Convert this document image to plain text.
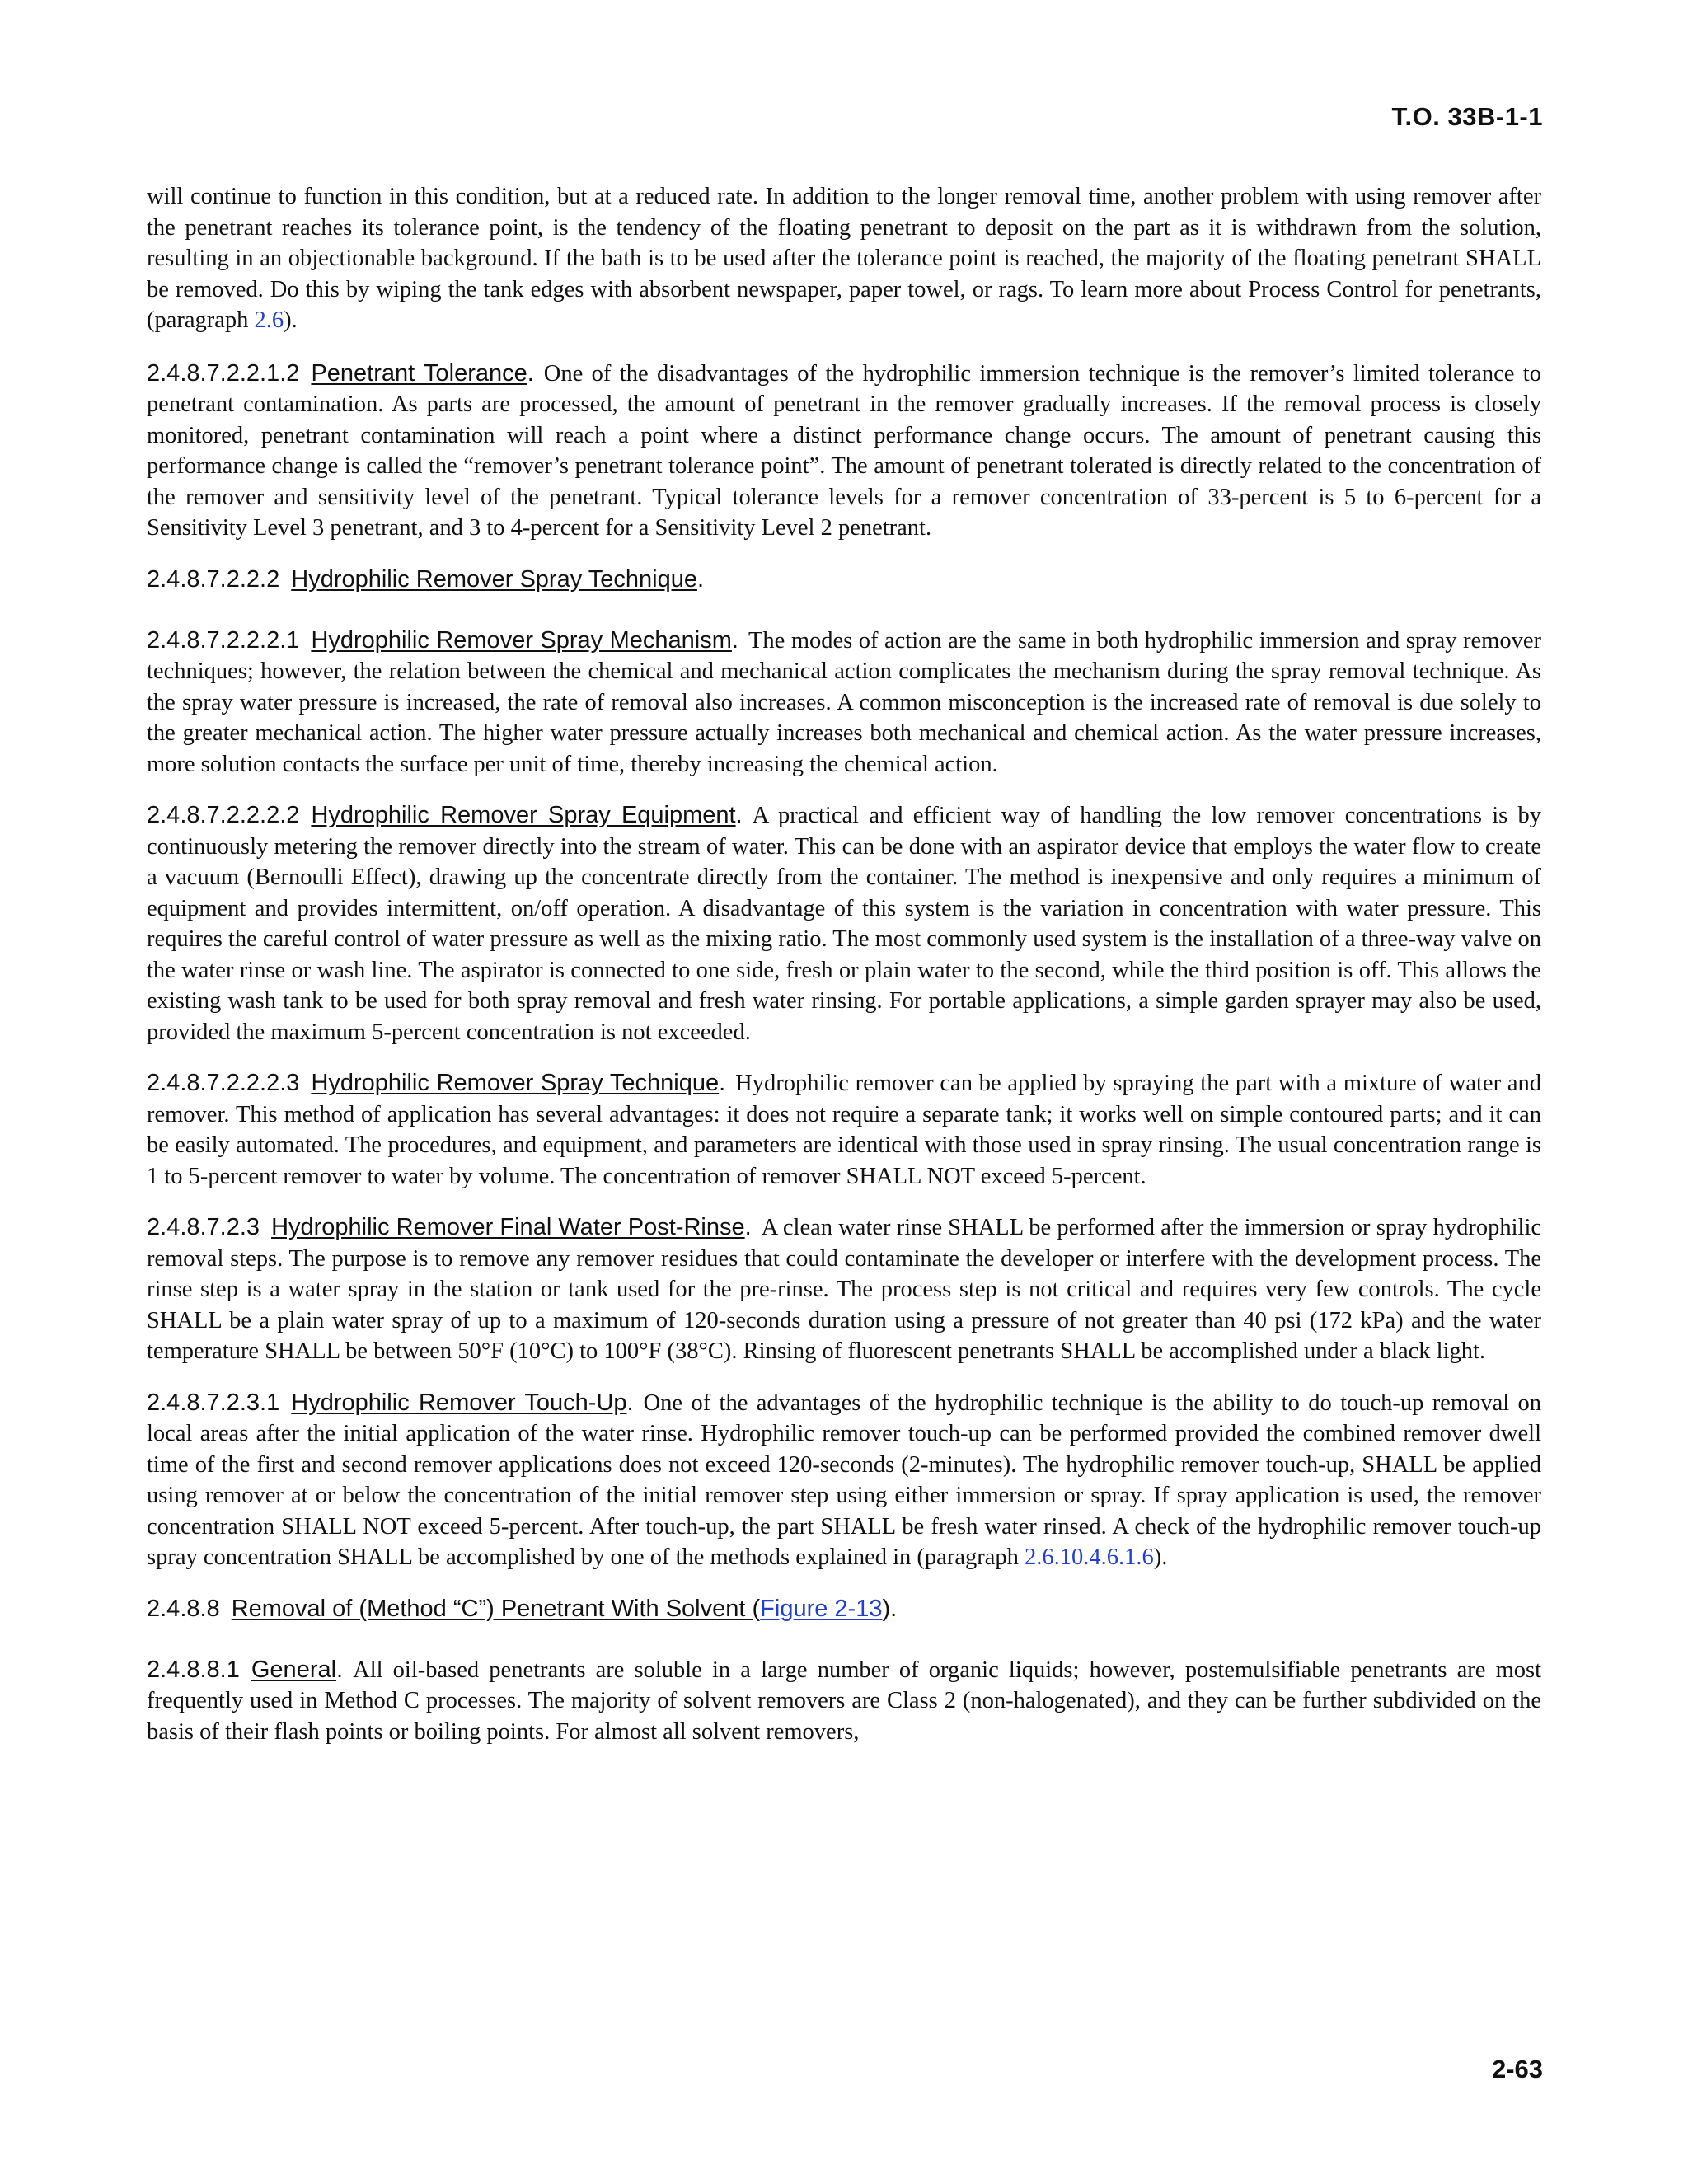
T.O. 33B-1-1

will continue to function in this condition, but at a reduced rate. In addition to the longer removal time, another problem with using remover after the penetrant reaches its tolerance point, is the tendency of the floating penetrant to deposit on the part as it is withdrawn from the solution, resulting in an objectionable background. If the bath is to be used after the tolerance point is reached, the majority of the floating penetrant SHALL be removed. Do this by wiping the tank edges with absorbent newspaper, paper towel, or rags. To learn more about Process Control for penetrants, (paragraph 2.6).

2.4.8.7.2.2.1.2 Penetrant Tolerance. One of the disadvantages of the hydrophilic immersion technique is the remover’s limited tolerance to penetrant contamination. As parts are processed, the amount of penetrant in the remover gradually increases. If the removal process is closely monitored, penetrant contamination will reach a point where a distinct performance change occurs. The amount of penetrant causing this performance change is called the “remover’s penetrant tolerance point”. The amount of penetrant tolerated is directly related to the concentration of the remover and sensitivity level of the penetrant. Typical tolerance levels for a remover concentration of 33-percent is 5 to 6-percent for a Sensitivity Level 3 penetrant, and 3 to 4-percent for a Sensitivity Level 2 penetrant.

2.4.8.7.2.2.2 Hydrophilic Remover Spray Technique.

2.4.8.7.2.2.2.1 Hydrophilic Remover Spray Mechanism. The modes of action are the same in both hydrophilic immersion and spray remover techniques; however, the relation between the chemical and mechanical action complicates the mechanism during the spray removal technique. As the spray water pressure is increased, the rate of removal also increases. A common misconception is the increased rate of removal is due solely to the greater mechanical action. The higher water pressure actually increases both mechanical and chemical action. As the water pressure increases, more solution contacts the surface per unit of time, thereby increasing the chemical action.

2.4.8.7.2.2.2.2 Hydrophilic Remover Spray Equipment. A practical and efficient way of handling the low remover concentrations is by continuously metering the remover directly into the stream of water. This can be done with an aspirator device that employs the water flow to create a vacuum (Bernoulli Effect), drawing up the concentrate directly from the container. The method is inexpensive and only requires a minimum of equipment and provides intermittent, on/off operation. A disadvantage of this system is the variation in concentration with water pressure. This requires the careful control of water pressure as well as the mixing ratio. The most commonly used system is the installation of a three-way valve on the water rinse or wash line. The aspirator is connected to one side, fresh or plain water to the second, while the third position is off. This allows the existing wash tank to be used for both spray removal and fresh water rinsing. For portable applications, a simple garden sprayer may also be used, provided the maximum 5-percent concentration is not exceeded.

2.4.8.7.2.2.2.3 Hydrophilic Remover Spray Technique. Hydrophilic remover can be applied by spraying the part with a mixture of water and remover. This method of application has several advantages: it does not require a separate tank; it works well on simple contoured parts; and it can be easily automated. The procedures, and equipment, and parameters are identical with those used in spray rinsing. The usual concentration range is 1 to 5-percent remover to water by volume. The concentration of remover SHALL NOT exceed 5-percent.

2.4.8.7.2.3 Hydrophilic Remover Final Water Post-Rinse. A clean water rinse SHALL be performed after the immersion or spray hydrophilic removal steps. The purpose is to remove any remover residues that could contaminate the developer or interfere with the development process. The rinse step is a water spray in the station or tank used for the pre-rinse. The process step is not critical and requires very few controls. The cycle SHALL be a plain water spray of up to a maximum of 120-seconds duration using a pressure of not greater than 40 psi (172 kPa) and the water temperature SHALL be between 50°F (10°C) to 100°F (38°C). Rinsing of fluorescent penetrants SHALL be accomplished under a black light.

2.4.8.7.2.3.1 Hydrophilic Remover Touch-Up. One of the advantages of the hydrophilic technique is the ability to do touch-up removal on local areas after the initial application of the water rinse. Hydrophilic remover touch-up can be performed provided the combined remover dwell time of the first and second remover applications does not exceed 120-seconds (2-minutes). The hydrophilic remover touch-up, SHALL be applied using remover at or below the concentration of the initial remover step using either immersion or spray. If spray application is used, the remover concentration SHALL NOT exceed 5-percent. After touch-up, the part SHALL be fresh water rinsed. A check of the hydrophilic remover touch-up spray concentration SHALL be accomplished by one of the methods explained in (paragraph 2.6.10.4.6.1.6).

2.4.8.8 Removal of (Method “C”) Penetrant With Solvent (Figure 2-13).

2.4.8.8.1 General. All oil-based penetrants are soluble in a large number of organic liquids; however, postemulsifiable penetrants are most frequently used in Method C processes. The majority of solvent removers are Class 2 (non-halogenated), and they can be further subdivided on the basis of their flash points or boiling points. For almost all solvent removers,

2-63
